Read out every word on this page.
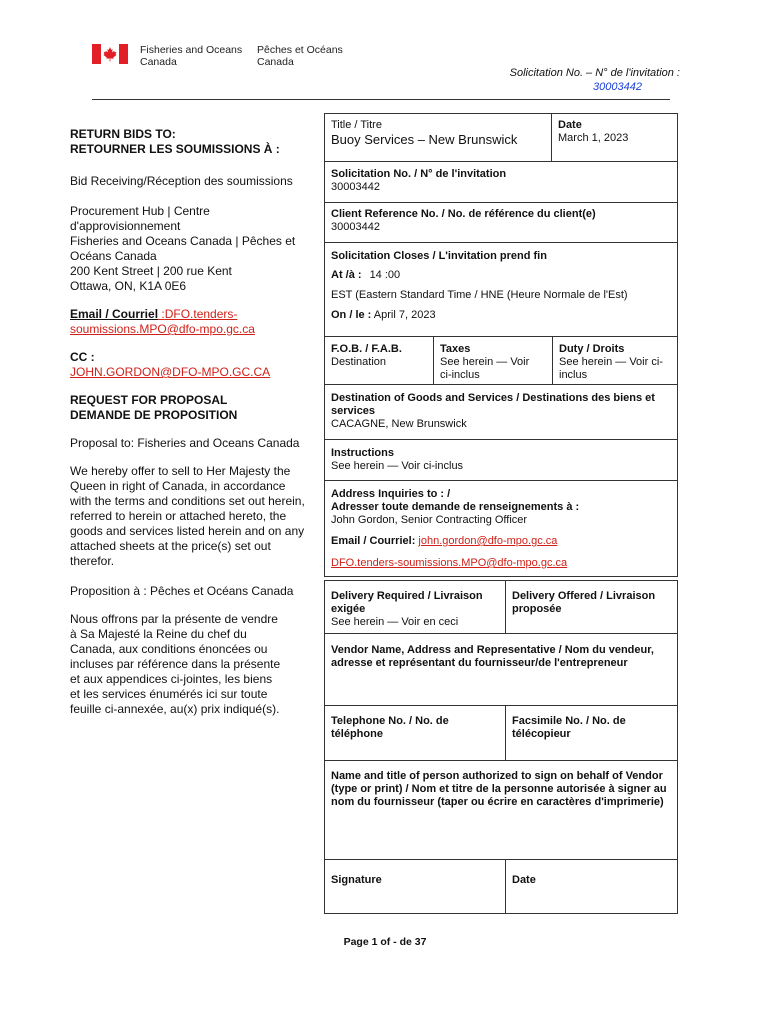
Fisheries and Oceans
Canada
Pêches et Océans
Canada
Solicitation No. – N° de l'invitation :
30003442
RETURN BIDS TO:
RETOURNER LES SOUMISSIONS À :
Bid Receiving/Réception des soumissions
Procurement Hub | Centre
d'approvisionnement
Fisheries and Oceans Canada | Pêches et
Océans Canada
200 Kent Street | 200 rue Kent
Ottawa, ON, K1A 0E6
Email / Courriel :DFO.tenders-
soumissions.MPO@dfo-mpo.gc.ca
CC :
JOHN.GORDON@DFO-MPO.GC.CA
REQUEST FOR PROPOSAL
DEMANDE DE PROPOSITION
Proposal to: Fisheries and Oceans Canada
We hereby offer to sell to Her Majesty the
Queen in right of Canada, in accordance
with the terms and conditions set out herein,
referred to herein or attached hereto, the
goods and services listed herein and on any
attached sheets at the price(s) set out
therefor.
Proposition à : Pêches et Océans Canada
Nous offrons par la présente de vendre
à Sa Majesté la Reine du chef du
Canada, aux conditions énoncées ou
incluses par référence dans la présente
et aux appendices ci-jointes, les biens
et les services énumérés ici sur toute
feuille ci-annexée, au(x) prix indiqué(s).
Title / Titre
Buoy Services – New Brunswick
Date
March 1, 2023
Solicitation No. / N° de l'invitation
30003442
Client Reference No. / No. de référence du client(e)
30003442
Solicitation Closes / L'invitation prend fin
At /à : 14 :00
EST (Eastern Standard Time / HNE (Heure Normale de l'Est)
On / le : April 7, 2023
F.O.B. / F.A.B.
Destination
Taxes
See herein — Voir
ci-inclus
Duty / Droits
See herein — Voir ci-inclus
Destination of Goods and Services / Destinations des biens et
services
CACAGNE, New Brunswick
Instructions
See herein — Voir ci-inclus
Address Inquiries to : /
Adresser toute demande de renseignements à :
John Gordon, Senior Contracting Officer
Email / Courriel: john.gordon@dfo-mpo.gc.ca
DFO.tenders-soumissions.MPO@dfo-mpo.gc.ca
Delivery Required / Livraison
exigée
See herein — Voir en ceci
Delivery Offered / Livraison
proposée
Vendor Name, Address and Representative / Nom du vendeur,
adresse et représentant du fournisseur/de l'entrepreneur
Telephone No. / No. de
téléphone
Facsimile No. / No. de télécopieur
Name and title of person authorized to sign on behalf of Vendor
(type or print) / Nom et titre de la personne autorisée à signer au
nom du fournisseur (taper ou écrire en caractères d'imprimerie)
Signature	Date
Page 1 of - de 37
